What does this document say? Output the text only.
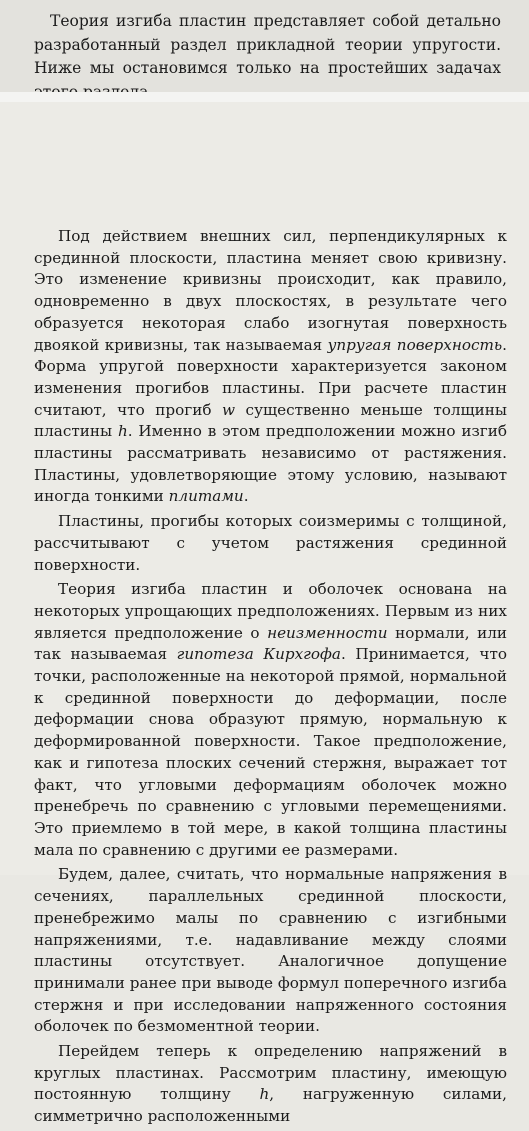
Теория изгиба пластин представляет собой детально разработанный раздел прикладной теории упругости. Ниже мы остановимся только на простейших задачах

Под действием внешних сил, перпендикулярных к срединной плоскости, пластина меняет свою кривизну. Это изменение кривизны происходит, как правило, одновременно в двух плоскостях, в результате чего образуется некоторая слабо изогнутая поверхность двоякой кривизны, так называемая упругая поверхность. Форма упругой поверхности характеризуется законом изменения прогибов пластины. При расчете пластин считают, что прогиб w существенно меньше толщины пластины h. Именно в этом предположении можно изгиб пластины рассматривать независимо от растяжения. Пластины, удовлетворяющие этому условию, называют иногда тонкими плитами.

Пластины, прогибы которых соизмеримы с толщиной, рассчитывают с учетом растяжения срединной поверхности.

Теория изгиба пластин и оболочек основана на некоторых упрощающих предположениях. Первым из них является предположение о неизменности нормали, или так называемая гипотеза Кирхгофа. Принимается, что точки, расположенные на некоторой прямой, нормальной к срединной поверхности до деформации, после деформации снова образуют прямую, нормальную к деформированной поверхности. Такое предположение, как и гипотеза плоских сечений стержня, выражает тот факт, что угловыми деформациям оболочек можно пренебречь по сравнению с угловыми перемещениями. Это приемлемо в той мере, в какой толщина пластины мала по сравнению с другими ее размерами.

Будем, далее, считать, что нормальные напряжения в сечениях, параллельных срединной плоскости, пренебрежимо малы по сравнению с изгибными напряжениями, т.е. надавливание между слоями пластины отсутствует. Аналогичное допущение принимали ранее при выводе формул поперечного изгиба стержня и при исследовании напряженного состояния оболочек по безмоментной теории.

Перейдем теперь к определению напряжений в круглых пластинах. Рассмотрим пластину, имеющую постоянную толщину h, нагруженную силами, симметрично расположенными
